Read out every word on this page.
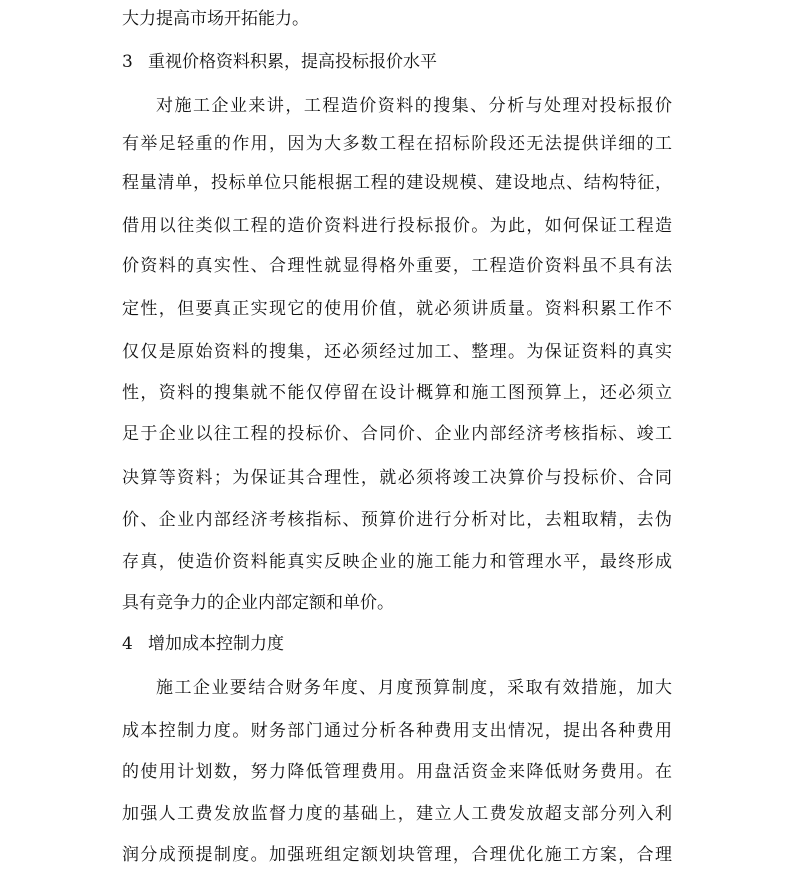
大力提高市场开拓能力。

3 重视价格资料积累，提高投标报价水平

对施工企业来讲，工程造价资料的搜集、分析与处理对投标报价

有举足轻重的作用，因为大多数工程在招标阶段还无法提供详细的工

程量清单，投标单位只能根据工程的建设规模、建设地点、结构特征，

借用以往类似工程的造价资料进行投标报价。为此，如何保证工程造

价资料的真实性、合理性就显得格外重要，工程造价资料虽不具有法

定性，但要真正实现它的使用价值，就必须讲质量。资料积累工作不

仅仅是原始资料的搜集，还必须经过加工、整理。为保证资料的真实

性，资料的搜集就不能仅停留在设计概算和施工图预算上，还必须立

足于企业以往工程的投标价、合同价、企业内部经济考核指标、竣工

决算等资料；为保证其合理性，就必须将竣工决算价与投标价、合同

价、企业内部经济考核指标、预算价进行分析对比，去粗取精，去伪

存真，使造价资料能真实反映企业的施工能力和管理水平，最终形成

具有竞争力的企业内部定额和单价。

4 增加成本控制力度

施工企业要结合财务年度、月度预算制度，采取有效措施，加大

成本控制力度。财务部门通过分析各种费用支出情况，提出各种费用

的使用计划数，努力降低管理费用。用盘活资金来降低财务费用。在

加强人工费发放监督力度的基础上，建立人工费发放超支部分列入利

润分成预提制度。加强班组定额划块管理，合理优化施工方案，合理
